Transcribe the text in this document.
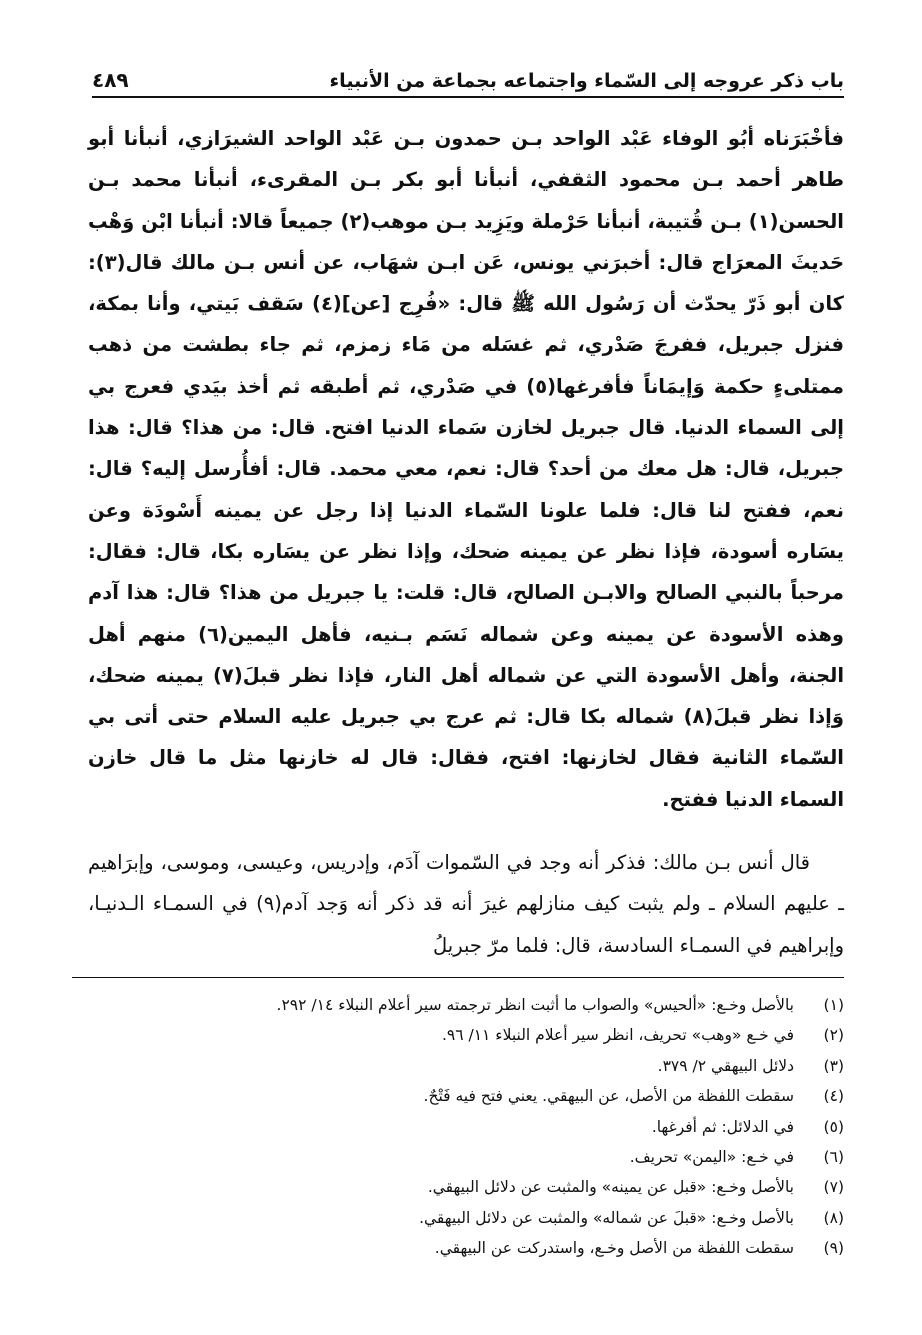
باب ذكر عروجه إلى السّماء واجتماعه بجماعة من الأنبياء
٤٨٩

فأخْبَرَناه أبُو الوفاء عَبْد الواحد بـن حمدون بـن عَبْد الواحد الشيرَازي، أنبأنا أبو طاهر أحمد بـن محمود الثقفي، أنبأنا أبو بكر بـن المقرىء، أنبأنا محمد بـن الحسن(١) بـن قُتيبة، أنبأنا حَرْملة ويَزِيد بـن موهب(٢) جميعاً قالا: أنبأنا ابْن وَهْب حَديثَ المعرَاج قال: أخبرَني يونس، عَن ابـن شهَاب، عن أنس بـن مالك قال(٣): كان أبو ذَرّ يحدّث أن رَسُول الله ﷺ قال: «فُرِج [عن](٤) سَقف بَيتي، وأنا بمكة، فنزل جبريل، ففرجَ صَدْري، ثم غسَله من مَاء زمزم، ثم جاء بطشت من ذهب ممتلىءٍ حكمة وَإيمَاناً فأفرغها(٥) في صَدْري، ثم أطبقه ثم أخذ بيَدي فعرج بي إلى السماء الدنيا. قال جبريل لخازن سَماء الدنيا افتح. قال: من هذا؟ قال: هذا جبريل، قال: هل معك من أحد؟ قال: نعم، معي محمد. قال: أفأُرسل إليه؟ قال: نعم، ففتح لنا قال: فلما علونا السّماء الدنيا إذا رجل عن يمينه أَسْودَة وعن يسَاره أسودة، فإذا نظر عن يمينه ضحك، وإذا نظر عن يسَاره بكا، قال: فقال: مرحباً بالنبي الصالح والابـن الصالح، قال: قلت: يا جبريل من هذا؟ قال: هذا آدم وهذه الأسودة عن يمينه وعن شماله نَسَم بـنيه، فأهل اليمين(٦) منهم أهل الجنة، وأهل الأسودة التي عن شماله أهل النار، فإذا نظر قبلَ(٧) يمينه ضحك، وَإذا نظر قبلَ(٨) شماله بكا قال: ثم عرج بي جبريل عليه السلام حتى أتى بي السّماء الثانية فقال لخازنها: افتح، فقال: قال له خازنها مثل ما قال خازن السماء الدنيا ففتح.

قال أنس بـن مالك: فذكر أنه وجد في السّموات آدَم، وإدريس، وعيسى، وموسى، وإبرَاهيم ـ عليهم السلام ـ ولم يثبت كيف منازلهم غيرَ أنه قد ذكر أنه وَجد آدم(٩) في السمـاء الـدنيـا، وإبراهيم في السمـاء السادسة، قال: فلما مرّ جبريلُ

(١)
بالأصل وخـع: «ألحيس» والصواب ما أثبت انظر ترجمته سير أعلام النبلاء ١٤/ ٢٩٢.
(٢)
في خـع «وهب» تحريف، انظر سير أعلام النبلاء ١١/ ٩٦.
(٣)
دلائل البيهقي ٢/ ٣٧٩.
(٤)
سقطت اللفظة من الأصل، عن البيهقي. يعني فتح فيه فَتْحٌ.
(٥)
في الدلائل: ثم أفرغها.
(٦)
في خـع: «اليمن» تحريف.
(٧)
بالأصل وخـع: «قبل عن يمينه» والمثبت عن دلائل البيهقي.
(٨)
بالأصل وخـع: «قبلَ عن شماله» والمثبت عن دلائل البيهقي.
(٩)
سقطت اللفظة من الأصل وخـع، واستدركت عن البيهقي.
